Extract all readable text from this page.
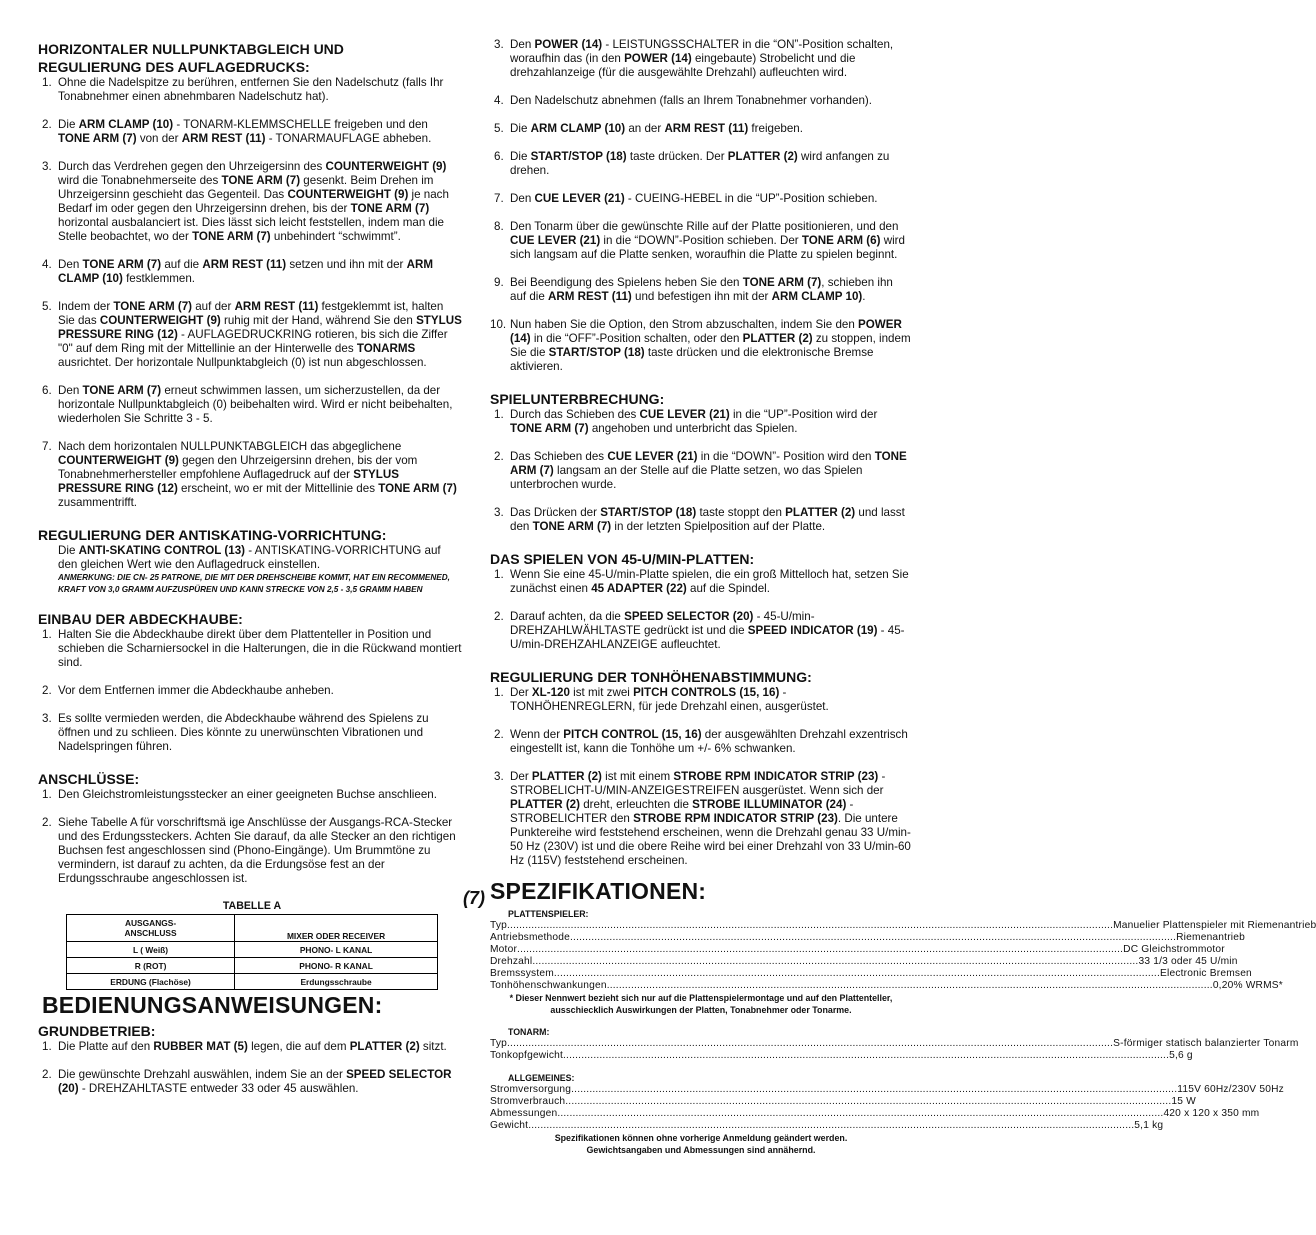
HORIZONTALER NULLPUNKTABGLEICH UND

REGULIERUNG DES AUFLAGEDRUCKS:

1. Ohne die Nadelspitze zu berühren, entfernen Sie den Nadelschutz (falls Ihr Tonabnehmer einen abnehmbaren Nadelschutz hat).
2. Die ARM CLAMP (10) - TONARM-KLEMMSCHELLE freigeben und den TONE ARM (7) von der ARM REST (11) - TONARMAUFLAGE abheben.
3. Durch das Verdrehen gegen den Uhrzeigersinn des COUNTERWEIGHT (9) wird die Tonabnehmerseite des TONE ARM (7) gesenkt. Beim Drehen im Uhrzeigersinn geschieht das Gegenteil. Das COUNTERWEIGHT (9) je nach Bedarf im oder gegen den Uhrzeigersinn drehen, bis der TONE ARM (7) horizontal ausbalanciert ist. Dies lässt sich leicht feststellen, indem man die Stelle beobachtet, wo der TONE ARM (7) unbehindert “schwimmt”.
4. Den TONE ARM (7) auf die ARM REST (11) setzen und ihn mit der ARM CLAMP (10) festklemmen.
5. Indem der TONE ARM (7) auf der ARM REST (11) festgeklemmt ist, halten Sie das COUNTERWEIGHT (9) ruhig mit der Hand, während Sie den STYLUS PRESSURE RING (12) - AUFLAGEDRUCKRING rotieren, bis sich die Ziffer "0" auf dem Ring mit der Mittellinie an der Hinterwelle des TONARMS ausrichtet. Der horizontale Nullpunktabgleich (0) ist nun abgeschlossen.
6. Den TONE ARM (7) erneut schwimmen lassen, um sicherzustellen, da der horizontale Nullpunktabgleich (0) beibehalten wird. Wird er nicht beibehalten, wiederholen Sie Schritte 3 - 5.
7. Nach dem horizontalen NULLPUNKTABGLEICH das abgeglichene COUNTERWEIGHT (9) gegen den Uhrzeigersinn drehen, bis der vom Tonabnehmerhersteller empfohlene Auflagedruck auf der STYLUS PRESSURE RING (12) erscheint, wo er mit der Mittellinie des TONE ARM (7) zusammentrifft.

REGULIERUNG DER ANTISKATING-VORRICHTUNG:

Die ANTI-SKATING CONTROL (13) - ANTISKATING-VORRICHTUNG auf den gleichen Wert wie den Auflagedruck einstellen.

ANMERKUNG: DIE CN- 25 PATRONE, DIE MIT DER DREHSCHEIBE KOMMT, HAT EIN RECOMMENED, KRAFT VON 3,0 GRAMM AUFZUSPÜREN UND KANN STRECKE VON 2,5 - 3,5 GRAMM HABEN

EINBAU DER ABDECKHAUBE:

1. Halten Sie die Abdeckhaube direkt über dem Plattenteller in Position und schieben die Scharniersockel in die Halterungen, die in die Rückwand montiert sind.
2. Vor dem Entfernen immer die Abdeckhaube anheben.
3. Es sollte vermieden werden, die Abdeckhaube während des Spielens zu öffnen und zu schlieen. Dies könnte zu unerwünschten Vibrationen und Nadelspringen führen.

ANSCHLÜSSE:

1. Den Gleichstromleistungsstecker an einer geeigneten Buchse anschlieen.
2. Siehe Tabelle A für vorschriftsmä ige Anschlüsse der Ausgangs-RCA-Stecker und des Erdungssteckers. Achten Sie darauf, da alle Stecker an den richtigen Buchsen fest angeschlossen sind (Phono-Eingänge). Um Brummtöne zu vermindern, ist darauf zu achten, da die Erdungsöse fest an der Erdungsschraube angeschlossen ist.
TABELLE A
AUSGANGS-
ANSCHLUSS	MIXER ODER RECEIVER
L ( Weiß)	PHONO- L KANAL
R (ROT)	PHONO- R KANAL
ERDUNG (Flachöse)	Erdungsschraube

BEDIENUNGSANWEISUNGEN:

GRUNDBETRIEB:

1. Die Platte auf den RUBBER MAT (5) legen, die auf dem PLATTER (2) sitzt.
2. Die gewünschte Drehzahl auswählen, indem Sie an der SPEED SELECTOR (20) - DREHZAHLTASTE entweder 33 oder 45 auswählen.
3. Den POWER (14) - LEISTUNGSSCHALTER in die “ON”-Position schalten, woraufhin das (in den POWER (14) eingebaute) Strobelicht und die drehzahlanzeige (für die ausgewählte Drehzahl) aufleuchten wird.
4. Den Nadelschutz abnehmen (falls an Ihrem Tonabnehmer vorhanden).
5. Die ARM CLAMP (10) an der ARM REST (11) freigeben.
6. Die START/STOP (18) taste drücken. Der PLATTER (2) wird anfangen zu drehen.
7. Den CUE LEVER (21) - CUEING-HEBEL in die “UP”-Position schieben.
8. Den Tonarm über die gewünschte Rille auf der Platte positionieren, und den CUE LEVER (21) in die “DOWN”-Position schieben. Der TONE ARM (6) wird sich langsam auf die Platte senken, woraufhin die Platte zu spielen beginnt.
9. Bei Beendigung des Spielens heben Sie den TONE ARM (7), schieben ihn auf die ARM REST (11) und befestigen ihn mit der ARM CLAMP 10).
10. Nun haben Sie die Option, den Strom abzuschalten, indem Sie den POWER (14) in die “OFF”-Position schalten, oder den PLATTER (2) zu stoppen, indem Sie die START/STOP (18) taste drücken und die elektronische Bremse aktivieren.

SPIELUNTERBRECHUNG:

1. Durch das Schieben des CUE LEVER (21) in die “UP”-Position wird der TONE ARM (7) angehoben und unterbricht das Spielen.
2. Das Schieben des CUE LEVER (21) in die “DOWN”- Position wird den TONE ARM (7) langsam an der Stelle auf die Platte setzen, wo das Spielen unterbrochen wurde.
3. Das Drücken der START/STOP (18) taste stoppt den PLATTER (2) und lasst den TONE ARM (7) in der letzten Spielposition auf der Platte.

DAS SPIELEN VON 45-U/MIN-PLATTEN:

1. Wenn Sie eine 45-U/min-Platte spielen, die ein groß Mittelloch hat, setzen Sie zunächst einen 45 ADAPTER (22) auf die Spindel.
2. Darauf achten, da die SPEED SELECTOR (20) - 45-U/min-DREHZAHLWÄHLTASTE gedrückt ist und die SPEED INDICATOR (19) - 45-U/min-DREHZAHLANZEIGE aufleuchtet.

REGULIERUNG DER TONHÖHENABSTIMMUNG:

1. Der XL-120 ist mit zwei PITCH CONTROLS (15, 16) - TONHÖHENREGLERN, für jede Drehzahl einen, ausgerüstet.
2. Wenn der PITCH CONTROL (15, 16) der ausgewählten Drehzahl exzentrisch eingestellt ist, kann die Tonhöhe um +/- 6% schwanken.
3. Der PLATTER (2) ist mit einem STROBE RPM INDICATOR STRIP (23) -STROBELICHT-U/MIN-ANZEIGESTREIFEN ausgerüstet. Wenn sich der PLATTER (2) dreht, erleuchten die STROBE ILLUMINATOR (24) - STROBELICHTER den STROBE RPM INDICATOR STRIP (23). Die untere Punktereihe wird feststehend erscheinen, wenn die Drehzahl genau 33 U/min-50 Hz (230V) ist und die obere Reihe wird bei einer Drehzahl von 33 U/min-60 Hz (115V) feststehend erscheinen.

SPEZIFIKATIONEN:

PLATTENSPIELER:

Typ ........................................................................................................................................................................................................ Manuelier Plattenspieler mit Riemenantrieb
Antriebsmethode ........................................................................................................................................................................................................ Riemenantrieb
Motor ........................................................................................................................................................................................................ DC Gleichstrommotor
Drehzahl ........................................................................................................................................................................................................ 33 1/3 oder 45 U/min
Bremssystem ........................................................................................................................................................................................................ Electronic Bremsen
Tonhöhenschwankungen ........................................................................................................................................................................................................ 0,20% WRMS*

* Dieser Nennwert bezieht sich nur auf die Plattenspielermontage und auf den Plattenteller, ausschiecklich Auswirkungen der Platten, Tonabnehmer oder Tonarme.

TONARM:

Typ ........................................................................................................................................................................................................ S-förmiger statisch balanzierter Tonarm
Tonkopfgewicht ........................................................................................................................................................................................................ 5,6 g

ALLGEMEINES:

Stromversorgung ........................................................................................................................................................................................................ 115V 60Hz/230V 50Hz
Stromverbrauch ........................................................................................................................................................................................................ 15 W
Abmessungen ........................................................................................................................................................................................................ 420 x 120 x 350 mm
Gewicht ........................................................................................................................................................................................................ 5,1 kg

Spezifikationen können ohne vorherige Anmeldung geändert werden.

Gewichtsangaben und Abmessungen sind annähernd.

(7)
